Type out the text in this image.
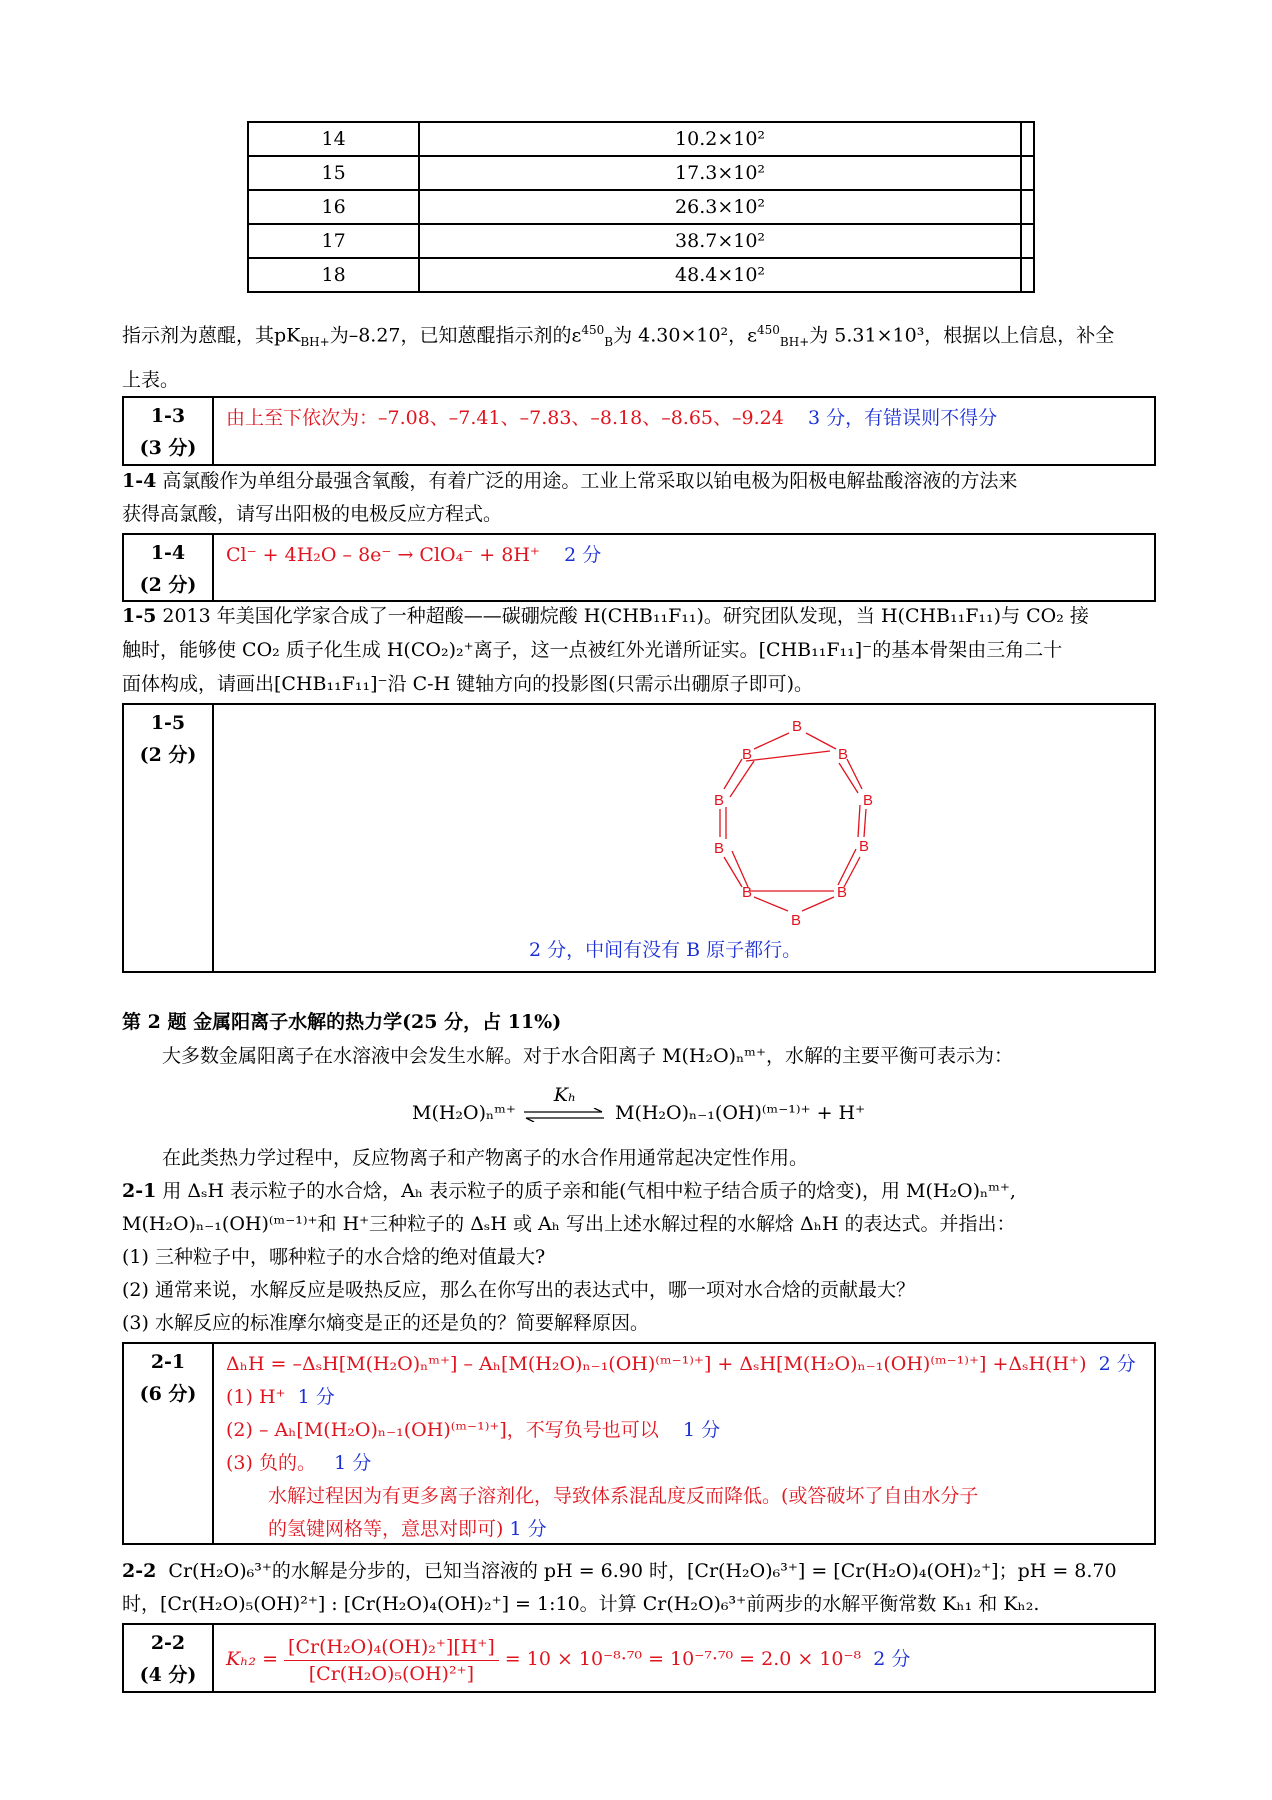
14	10.2×10²	
15	17.3×10²	
16	26.3×10²	
17	38.7×10²	
18	48.4×10²	
指示剂为蒽醌，其$pK_{BH+}$为–8.27，已知蒽醌指示剂的$\varepsilon^{450}_B$为 4.30×10²，$\varepsilon^{450}_{BH+}$为 5.31×10³，根据以上信息，补全
上表。
1-3
(3 分)
由上至下依次为：–7.08、–7.41、–7.83、–8.18、–8.65、–9.24 3 分，有错误则不得分
1-4 高氯酸作为单组分最强含氧酸，有着广泛的用途。工业上常采取以铂电极为阳极电解盐酸溶液的方法来
获得高氯酸，请写出阳极的电极反应方程式。
1-4
(2 分)
Cl⁻ + 4H₂O – 8e⁻ → ClO₄⁻ + 8H⁺ 2 分
1-5 2013 年美国化学家合成了一种超酸——碳硼烷酸 H(CHB₁₁F₁₁)。研究团队发现，当 H(CHB₁₁F₁₁)与 CO₂ 接
触时，能够使 CO₂ 质子化生成 H(CO₂)₂⁺离子，这一点被红外光谱所证实。[CHB₁₁F₁₁]⁻的基本骨架由三角二十
面体构成，请画出[CHB₁₁F₁₁]⁻沿 C-H 键轴方向的投影图(只需示出硼原子即可)。
1-5
(2 分)
B
B	B
B	B
B	B
B	B
B
2 分，中间有没有 B 原子都行。
第 2 题 金属阳离子水解的热力学(25 分，占 11%)
大多数金属阳离子在水溶液中会发生水解。对于水合阳离子 M(H₂O)ₙᵐ⁺，水解的主要平衡可表示为：
M(H₂O)ₙᵐ⁺
Kₕ
M(H₂O)ₙ₋₁(OH)⁽ᵐ⁻¹⁾⁺ + H⁺
在此类热力学过程中，反应物离子和产物离子的水合作用通常起决定性作用。
2-1 用 ΔₛH 表示粒子的水合焓，Aₕ 表示粒子的质子亲和能(气相中粒子结合质子的焓变)，用 M(H₂O)ₙᵐ⁺,
M(H₂O)ₙ₋₁(OH)⁽ᵐ⁻¹⁾⁺和 H⁺三种粒子的 ΔₛH 或 Aₕ 写出上述水解过程的水解焓 ΔₕH 的表达式。并指出：
(1) 三种粒子中，哪种粒子的水合焓的绝对值最大?
(2) 通常来说，水解反应是吸热反应，那么在你写出的表达式中，哪一项对水合焓的贡献最大？
(3) 水解反应的标准摩尔熵变是正的还是负的？简要解释原因。
2-1
(6 分)
ΔₕH = –ΔₛH[M(H₂O)ₙᵐ⁺] – Aₕ[M(H₂O)ₙ₋₁(OH)⁽ᵐ⁻¹⁾⁺] + ΔₛH[M(H₂O)ₙ₋₁(OH)⁽ᵐ⁻¹⁾⁺] +ΔₛH(H⁺) 2 分
(1) H⁺ 1 分
(2) – Aₕ[M(H₂O)ₙ₋₁(OH)⁽ᵐ⁻¹⁾⁺]，不写负号也可以 1 分
(3) 负的。 1 分
水解过程因为有更多离子溶剂化，导致体系混乱度反而降低。(或答破坏了自由水分子
的氢键网格等，意思对即可) 1 分
2-2 Cr(H₂O)₆³⁺的水解是分步的，已知当溶液的 pH = 6.90 时，[Cr(H₂O)₆³⁺] = [Cr(H₂O)₄(OH)₂⁺]；pH = 8.70
时，[Cr(H₂O)₅(OH)²⁺] : [Cr(H₂O)₄(OH)₂⁺] = 1:10。计算 Cr(H₂O)₆³⁺前两步的水解平衡常数 Kₕ₁ 和 Kₕ₂.
2-2
(4 分)
$K_{h2} = \frac{\text{[Cr(H₂O)₄(OH)₂⁺][H⁺]}}{\text{[Cr(H₂O)₅(OH)²⁺]}} = 10 \times 10^{-8}\cdot^{70} = 10^{-7}\cdot^{70} = 2.0 \times 10^{-8}$ 2 分
